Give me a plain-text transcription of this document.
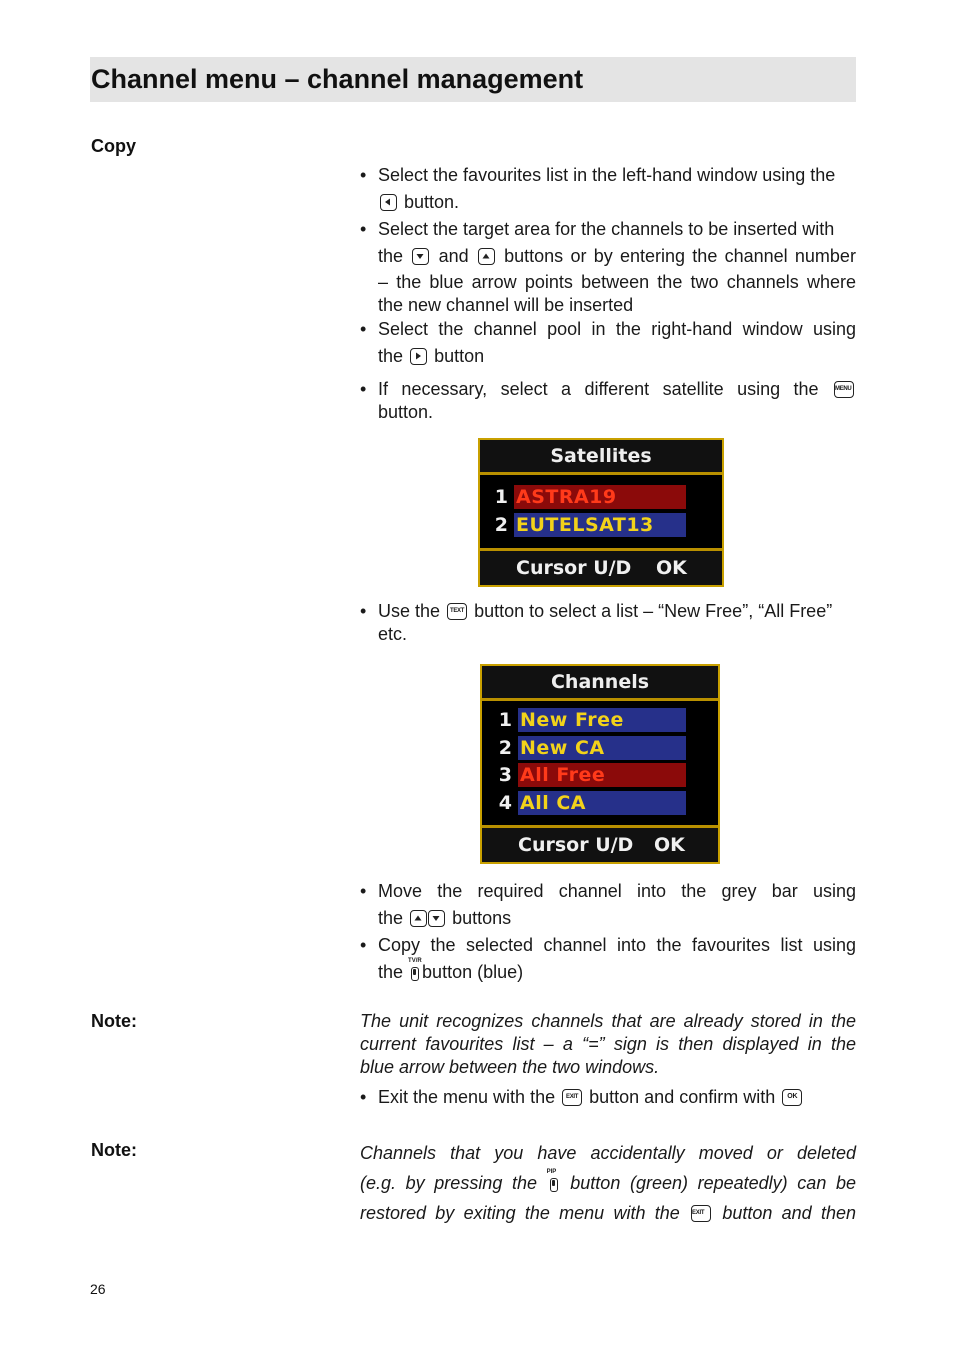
Channel menu – channel management
Copy
• Select the favourites list in the left-hand window using the
button.
• Select the target area for the channels to be inserted with
the and buttons or by entering the channel number
– the blue arrow points between the two channels where
the new channel will be inserted
• Select the channel pool in the right-hand window using
the button
• If necessary, select a different satellite using the	MENU
button.
Satellites
1 ASTRA19
2 EUTELSAT13
Cursor U/D OK
• Use the	TEXT button to select a list – “New Free”, “All Free”
etc.
Channels
1 New Free
2 New CA
3 All Free
4 All CA
Cursor U/D OK
• Move the required channel into the grey bar using
the	buttons
• Copy the selected channel into the favourites list using
the
TV/R
button (blue)
Note:	The unit recognizes channels that are already stored in the
current favourites list – a “=” sign is then displayed in the
blue arrow between the two windows.
• Exit the menu with the	EXIT button and confirm with	OK
Note:	Channels that you have accidentally moved or deleted
(e.g. by pressing the
PIP
button (green) repeatedly) can be
restored by exiting the menu with the EXIT	button and then
26
